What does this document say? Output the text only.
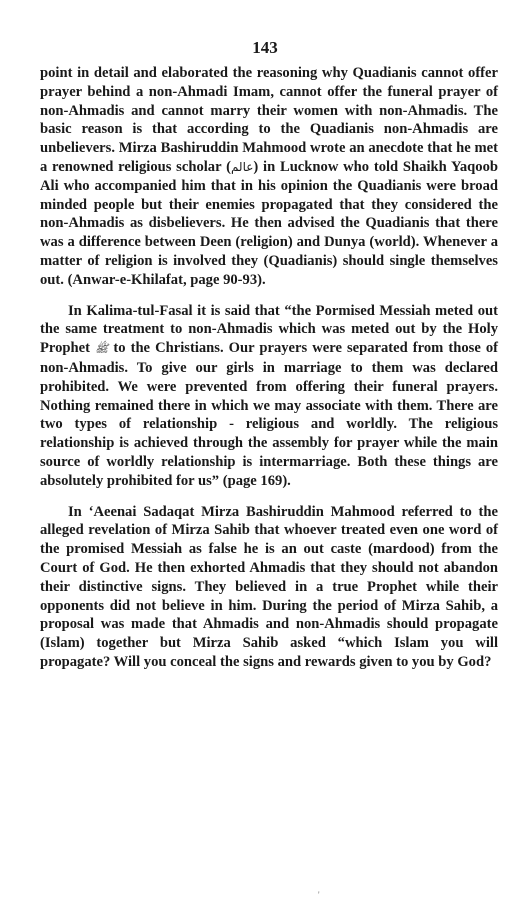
143

point in detail and elaborated the reasoning why Quadianis cannot offer prayer behind a non-Ahmadi Imam, cannot offer the funeral prayer of non-Ahmadis and cannot marry their women with non-Ahmadis. The basic reason is that according to the Quadianis non-Ahmadis are unbelievers. Mirza Bashiruddin Mahmood wrote an anecdote that he met a renowned religious scholar (عالم) in Lucknow who told Shaikh Yaqoob Ali who accompanied him that in his opinion the Quadianis were broad minded people but their enemies propagated that they considered the non-Ahmadis as disbelievers. He then advised the Quadianis that there was a difference between Deen (religion) and Dunya (world). Whenever a matter of religion is involved they (Quadianis) should single themselves out. (Anwar-e-Khilafat, page 90-93).

In Kalima-tul-Fasal it is said that “the Pormised Messiah meted out the same treatment to non-Ahmadis which was meted out by the Holy Prophet ﷺ to the Christians. Our prayers were separated from those of non-Ahmadis. To give our girls in marriage to them was declared prohibited. We were prevented from offering their funeral prayers. Nothing remained there in which we may associate with them. There are two types of relationship - religious and worldly. The religious relationship is achieved through the assembly for prayer while the main source of worldly relationship is intermarriage. Both these things are absolutely prohibited for us” (page 169).

In ‘Aeenai Sadaqat Mirza Bashiruddin Mahmood referred to the alleged revelation of Mirza Sahib that whoever treated even one word of the promised Messiah as false he is an out caste (mardood) from the Court of God. He then exhorted Ahmadis that they should not abandon their distinctive signs. They believed in a true Prophet while their opponents did not believe in him. During the period of Mirza Sahib, a proposal was made that Ahmadis and non-Ahmadis should propagate (Islam) together but Mirza Sahib asked “which Islam you will propagate? Will you conceal the signs and rewards given to you by God?

'
